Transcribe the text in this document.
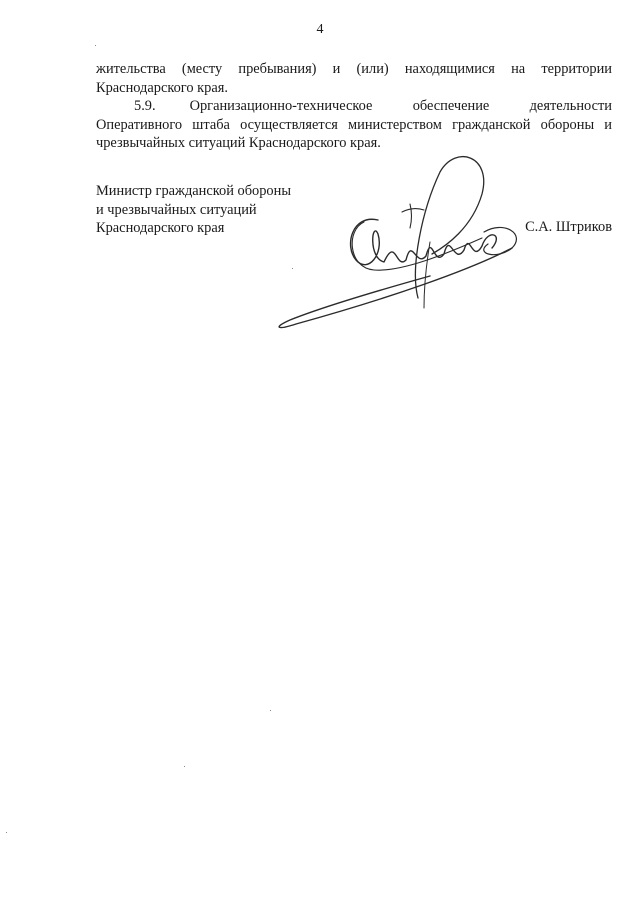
4

жительства (месту пребывания) и (или) находящимися на территории Краснодарского края.

5.9. Организационно-техническое обеспечение деятельности Оперативного штаба осуществляется министерством гражданской обороны и чрезвычайных ситуаций Краснодарского края.

Министр гражданской обороны
и чрезвычайных ситуаций
Краснодарского края	С.А. Штриков
